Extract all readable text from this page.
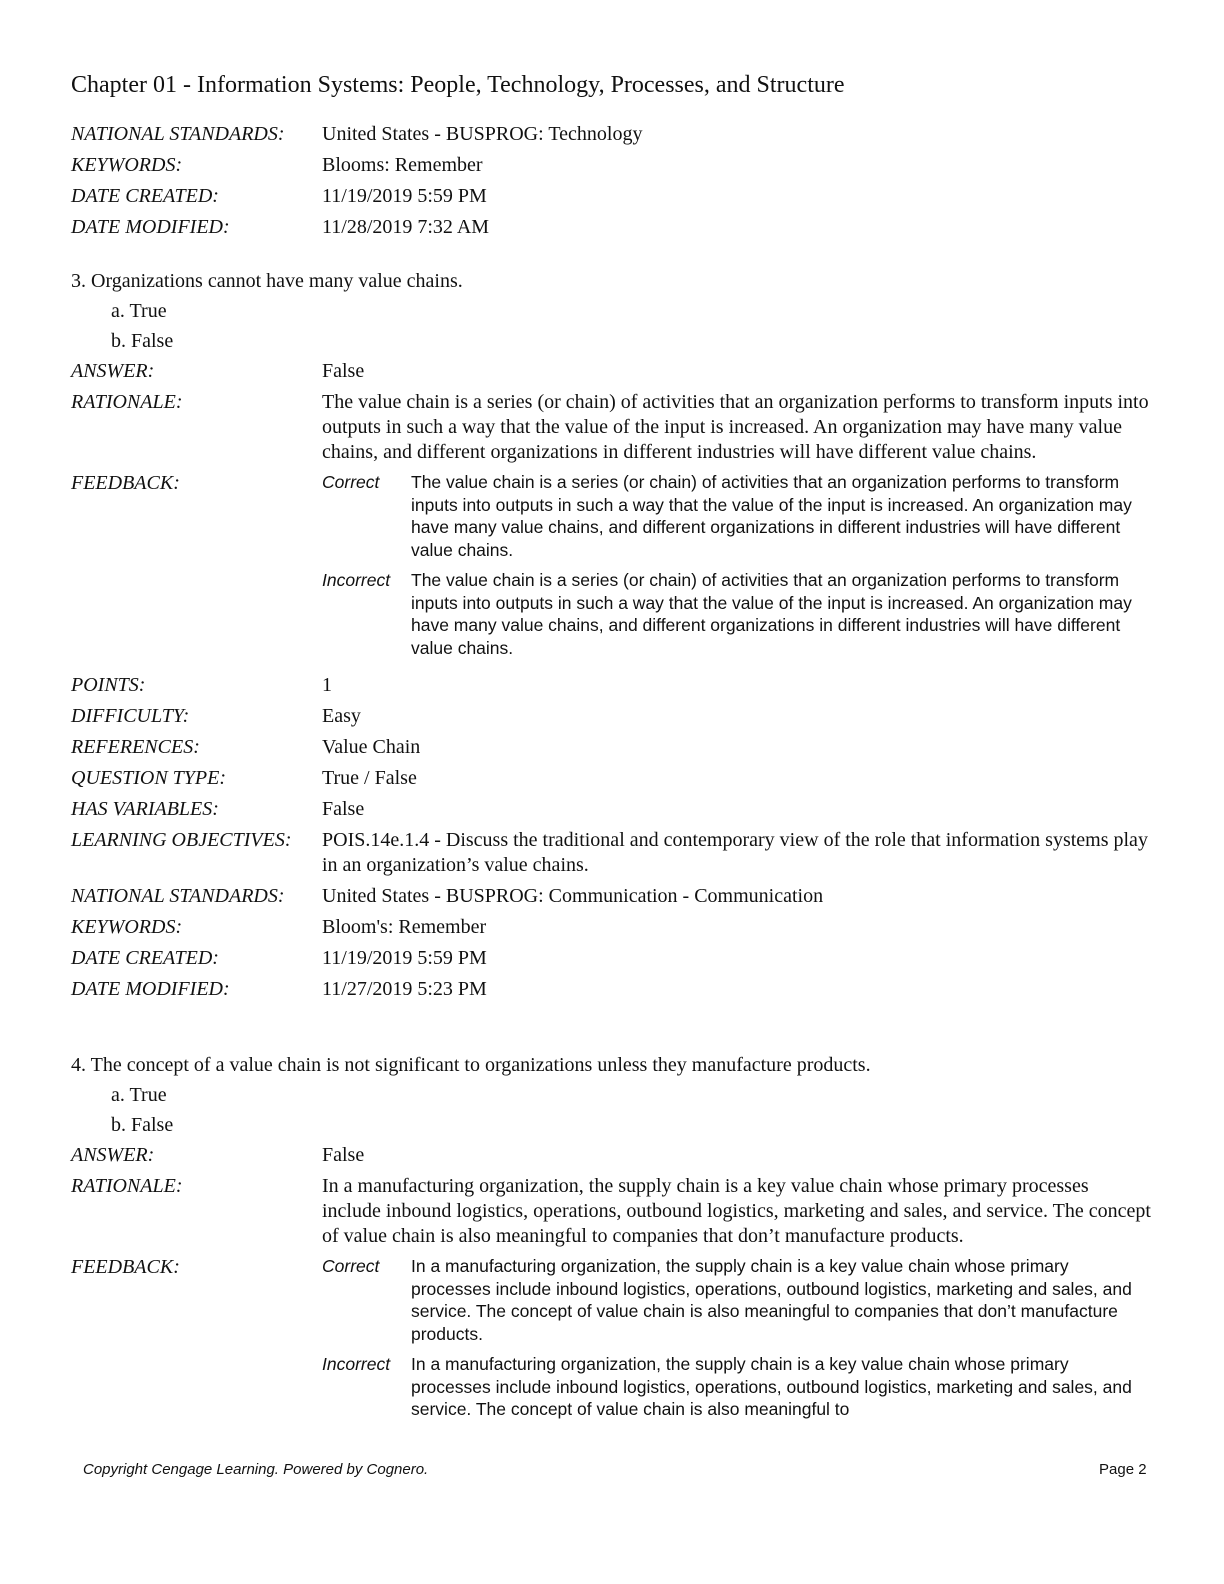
Chapter 01 - Information Systems: People, Technology, Processes, and Structure
NATIONAL STANDARDS:	United States - BUSPROG: Technology
KEYWORDS:	Blooms: Remember
DATE CREATED:	11/19/2019 5:59 PM
DATE MODIFIED:	11/28/2019 7:32 AM
3. Organizations cannot have many value chains.
a. True
b. False
ANSWER:	False
RATIONALE:	The value chain is a series (or chain) of activities that an organization performs to transform inputs into outputs in such a way that the value of the input is increased. An organization may have many value chains, and different organizations in different industries will have different value chains.
FEEDBACK:	Correct	The value chain is a series (or chain) of activities that an organization performs to transform inputs into outputs in such a way that the value of the input is increased. An organization may have many value chains, and different organizations in different industries will have different value chains.
Incorrect	The value chain is a series (or chain) of activities that an organization performs to transform inputs into outputs in such a way that the value of the input is increased. An organization may have many value chains, and different organizations in different industries will have different value chains.
POINTS:	1
DIFFICULTY:	Easy
REFERENCES:	Value Chain
QUESTION TYPE:	True / False
HAS VARIABLES:	False
LEARNING OBJECTIVES:	POIS.14e.1.4 - Discuss the traditional and contemporary view of the role that information systems play in an organization’s value chains.
NATIONAL STANDARDS:	United States - BUSPROG: Communication - Communication
KEYWORDS:	Bloom's: Remember
DATE CREATED:	11/19/2019 5:59 PM
DATE MODIFIED:	11/27/2019 5:23 PM
4. The concept of a value chain is not significant to organizations unless they manufacture products.
a. True
b. False
ANSWER:	False
RATIONALE:	In a manufacturing organization, the supply chain is a key value chain whose primary processes include inbound logistics, operations, outbound logistics, marketing and sales, and service. The concept of value chain is also meaningful to companies that don’t manufacture products.
FEEDBACK:	Correct	In a manufacturing organization, the supply chain is a key value chain whose primary processes include inbound logistics, operations, outbound logistics, marketing and sales, and service. The concept of value chain is also meaningful to companies that don’t manufacture products.
Incorrect	In a manufacturing organization, the supply chain is a key value chain whose primary processes include inbound logistics, operations, outbound logistics, marketing and sales, and service. The concept of value chain is also meaningful to
Copyright Cengage Learning. Powered by Cognero.	Page 2
